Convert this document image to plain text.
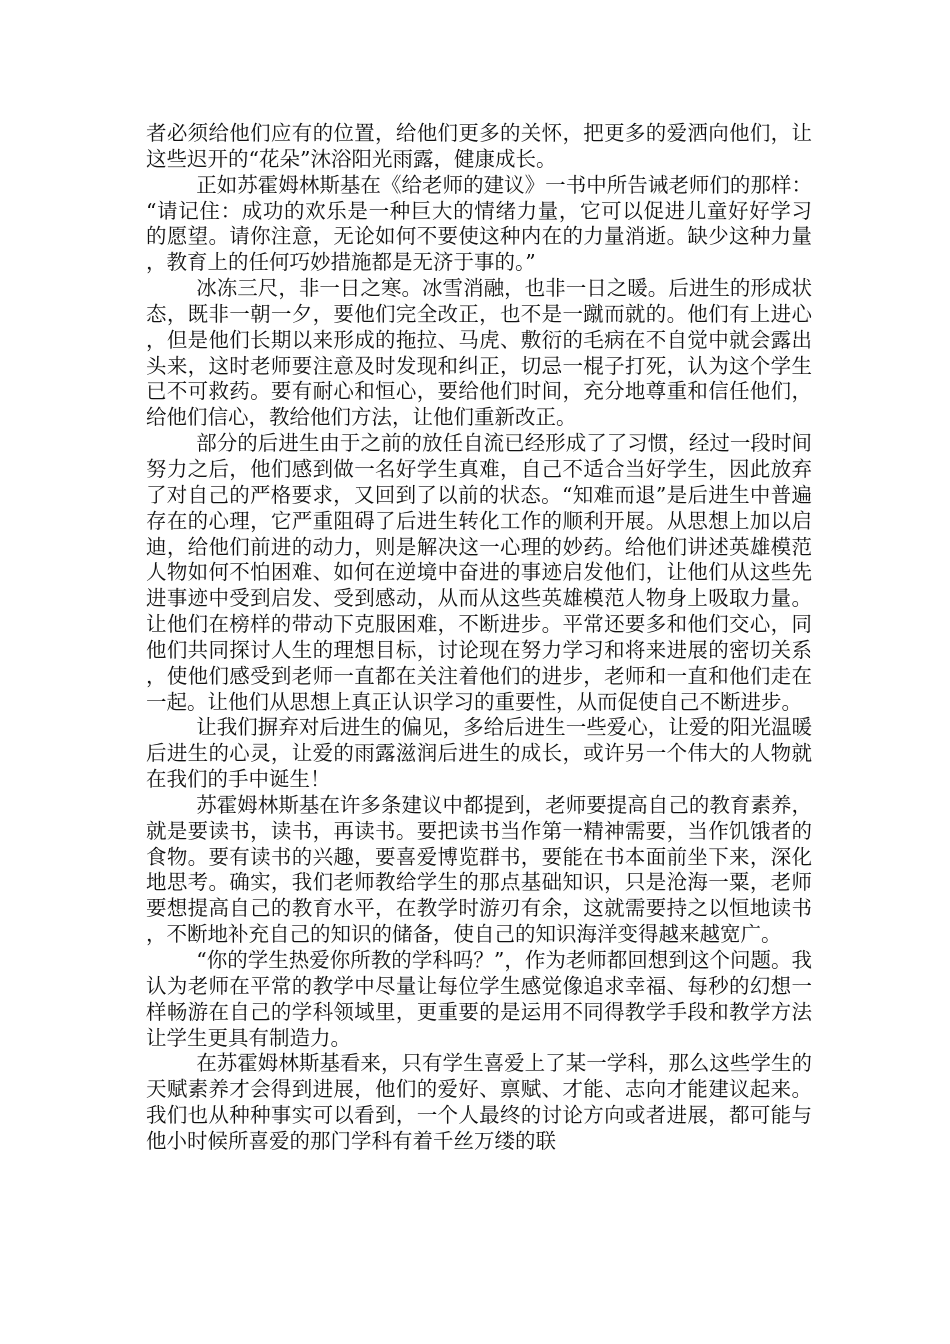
者必须给他们应有的位置，给他们更多的关怀，把更多的爱洒向他们，让这些迟开的“花朵”沐浴阳光雨露，健康成长。

正如苏霍姆林斯基在《给老师的建议》一书中所告诫老师们的那样：“请记住：成功的欢乐是一种巨大的情绪力量，它可以促进儿童好好学习的愿望。请你注意，无论如何不要使这种内在的力量消逝。缺少这种力量，教育上的任何巧妙措施都是无济于事的。”

冰冻三尺，非一日之寒。冰雪消融，也非一日之暖。后进生的形成状态，既非一朝一夕，要他们完全改正，也不是一蹴而就的。他们有上进心，但是他们长期以来形成的拖拉、马虎、敷衍的毛病在不自觉中就会露出头来，这时老师要注意及时发现和纠正，切忌一棍子打死，认为这个学生已不可救药。要有耐心和恒心，要给他们时间，充分地尊重和信任他们，给他们信心，教给他们方法，让他们重新改正。

部分的后进生由于之前的放任自流已经形成了了习惯，经过一段时间努力之后，他们感到做一名好学生真难，自己不适合当好学生，因此放弃了对自己的严格要求，又回到了以前的状态。“知难而退”是后进生中普遍存在的心理，它严重阻碍了后进生转化工作的顺利开展。从思想上加以启迪，给他们前进的动力，则是解决这一心理的妙药。给他们讲述英雄模范人物如何不怕困难、如何在逆境中奋进的事迹启发他们，让他们从这些先进事迹中受到启发、受到感动，从而从这些英雄模范人物身上吸取力量。让他们在榜样的带动下克服困难，不断进步。平常还要多和他们交心，同他们共同探讨人生的理想目标，讨论现在努力学习和将来进展的密切关系，使他们感受到老师一直都在关注着他们的进步，老师和一直和他们走在一起。让他们从思想上真正认识学习的重要性，从而促使自己不断进步。

让我们摒弃对后进生的偏见，多给后进生一些爱心，让爱的阳光温暖后进生的心灵，让爱的雨露滋润后进生的成长，或许另一个伟大的人物就在我们的手中诞生！

苏霍姆林斯基在许多条建议中都提到，老师要提高自己的教育素养，就是要读书，读书，再读书。要把读书当作第一精神需要，当作饥饿者的食物。要有读书的兴趣，要喜爱博览群书，要能在书本面前坐下来，深化地思考。确实，我们老师教给学生的那点基础知识，只是沧海一粟，老师要想提高自己的教育水平，在教学时游刃有余，这就需要持之以恒地读书，不断地补充自己的知识的储备，使自己的知识海洋变得越来越宽广。

“你的学生热爱你所教的学科吗？”，作为老师都回想到这个问题。我认为老师在平常的教学中尽量让每位学生感觉像追求幸福、每秒的幻想一样畅游在自己的学科领域里，更重要的是运用不同得教学手段和教学方法让学生更具有制造力。

在苏霍姆林斯基看来，只有学生喜爱上了某一学科，那么这些学生的天赋素养才会得到进展，他们的爱好、禀赋、才能、志向才能建议起来。我们也从种种事实可以看到，一个人最终的讨论方向或者进展，都可能与他小时候所喜爱的那门学科有着千丝万缕的联
